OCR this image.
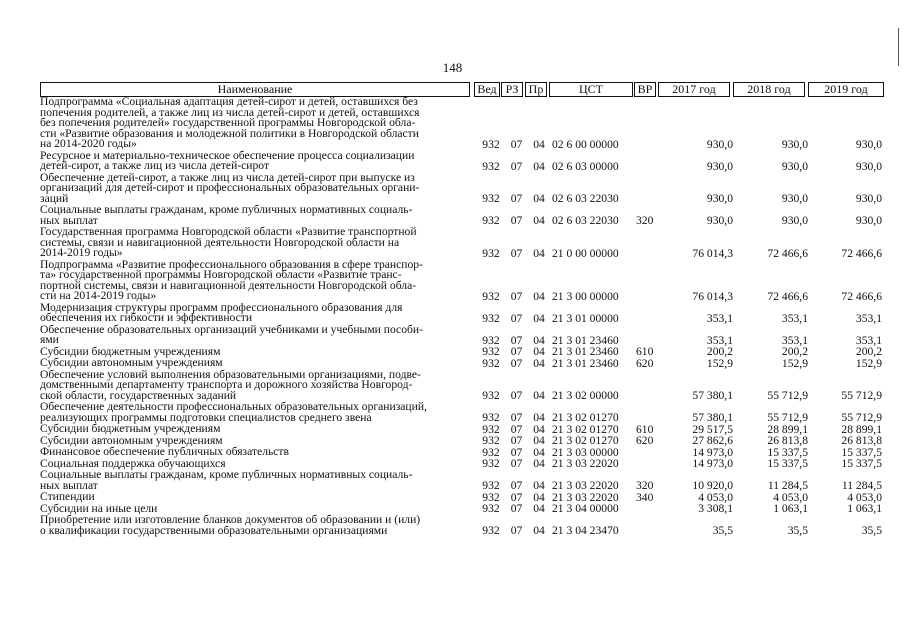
148
Наименование	Вед РЗ Пр	ЦСТ	ВР	2017 год	2018 год	2019 год
Подпрограмма «Социальная адаптация детей-сирот и детей, оставшихся без
попечения родителей, а также лиц из числа детей-сирот и детей, оставшихся
без попечения родителей» государственной программы Новгородской обла-
сти «Развитие образования и молодежной политики в Новгородской области
на 2014-2020 годы»	932 07 04 02 6 00 00000	930,0	930,0	930,0
Ресурсное и материально-техническое обеспечение процесса социализации
детей-сирот, а также лиц из числа детей-сирот	932 07 04 02 6 03 00000	930,0	930,0	930,0
Обеспечение детей-сирот, а также лиц из числа детей-сирот при выпуске из
организаций для детей-сирот и профессиональных образовательных органи-
заций	932 07 04 02 6 03 22030	930,0	930,0	930,0
Социальные выплаты гражданам, кроме публичных нормативных социаль-
ных выплат	932 07 04 02 6 03 22030	320	930,0	930,0	930,0
Государственная программа Новгородской области «Развитие транспортной
системы, связи и навигационной деятельности Новгородской области на
2014-2019 годы»	932 07 04 21 0 00 00000	76 014,3	72 466,6	72 466,6
Подпрограмма «Развитие профессионального образования в сфере транспор-
та» государственной программы Новгородской области «Развитие транс-
портной системы, связи и навигационной деятельности Новгородской обла-
сти на 2014-2019 годы»	932 07 04 21 3 00 00000	76 014,3	72 466,6	72 466,6
Модернизация структуры программ профессионального образования для
обеспечения их гибкости и эффективности	932 07 04 21 3 01 00000	353,1	353,1	353,1
Обеспечение образовательных организаций учебниками и учебными пособи-
ями	932 07 04 21 3 01 23460	353,1	353,1	353,1
Субсидии бюджетным учреждениям	932 07 04 21 3 01 23460	610	200,2	200,2	200,2
Субсидии автономным учреждениям	932 07 04 21 3 01 23460	620	152,9	152,9	152,9
Обеспечение условий выполнения образовательными организациями, подве-
домственными департаменту транспорта и дорожного хозяйства Новгород-
ской области, государственных заданий	932 07 04 21 3 02 00000	57 380,1	55 712,9	55 712,9
Обеспечение деятельности профессиональных образовательных организаций,
реализующих программы подготовки специалистов среднего звена	932 07 04 21 3 02 01270	57 380,1	55 712,9	55 712,9
Субсидии бюджетным учреждениям	932 07 04 21 3 02 01270	610	29 517,5	28 899,1	28 899,1
Субсидии автономным учреждениям	932 07 04 21 3 02 01270	620	27 862,6	26 813,8	26 813,8
Финансовое обеспечение публичных обязательств	932 07 04 21 3 03 00000	14 973,0	15 337,5	15 337,5
Социальная поддержка обучающихся	932 07 04 21 3 03 22020	14 973,0	15 337,5	15 337,5
Социальные выплаты гражданам, кроме публичных нормативных социаль-
ных выплат	932 07 04 21 3 03 22020	320	10 920,0	11 284,5	11 284,5
Стипендии	932 07 04 21 3 03 22020	340	4 053,0	4 053,0	4 053,0
Субсидии на иные цели	932 07 04 21 3 04 00000	3 308,1	1 063,1	1 063,1
Приобретение или изготовление бланков документов об образовании и (или)
о квалификации государственными образовательными организациями	932 07 04 21 3 04 23470	35,5	35,5	35,5
